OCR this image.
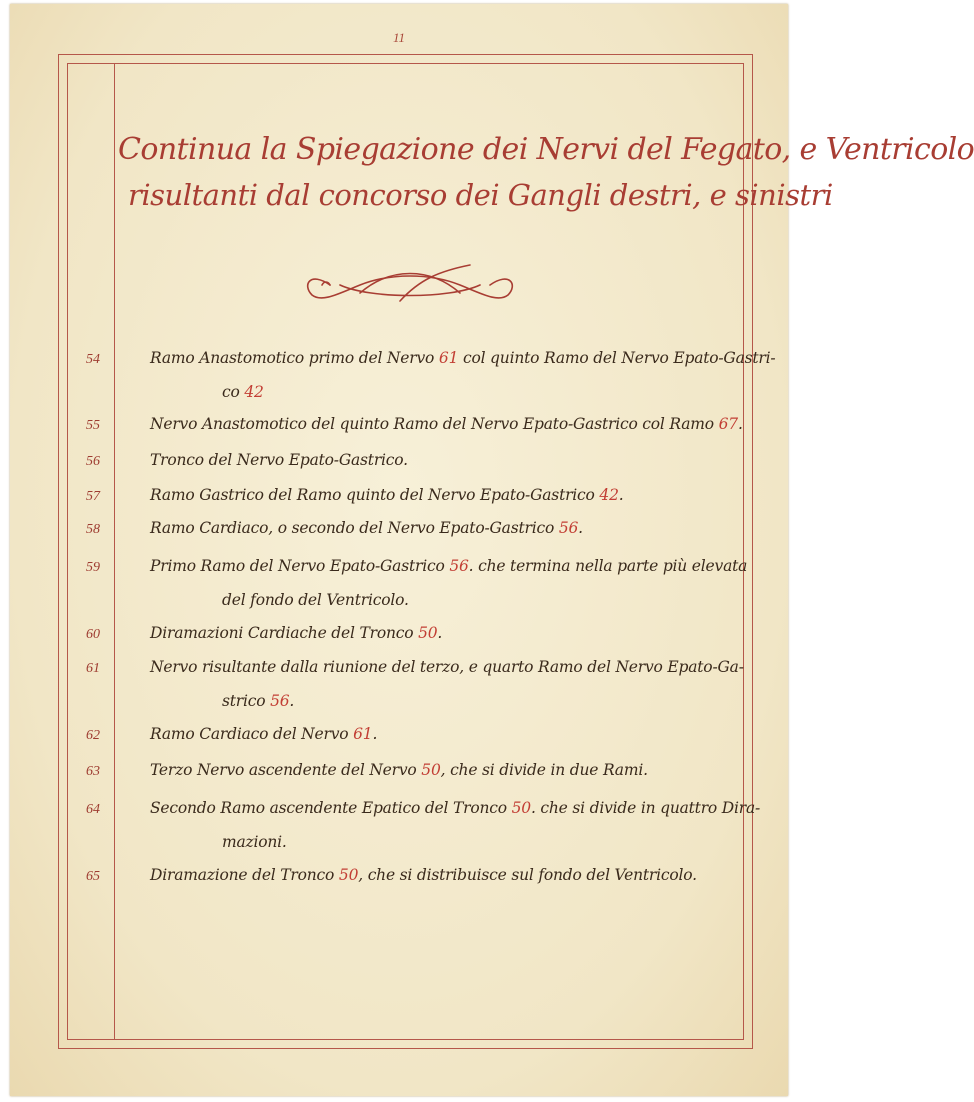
11
Continua la Spiegazione dei Nervi del Fegato, e Ventricolo
risultanti dal concorso dei Gangli destri, e sinistri
54	Ramo Anastomotico primo del Nervo 61 col quinto Ramo del Nervo Epato-Gastri-
co 42
55	Nervo Anastomotico del quinto Ramo del Nervo Epato-Gastrico col Ramo 67.
56	Tronco del Nervo Epato-Gastrico.
57	Ramo Gastrico del Ramo quinto del Nervo Epato-Gastrico 42.
58	Ramo Cardiaco, o secondo del Nervo Epato-Gastrico 56.
59	Primo Ramo del Nervo Epato-Gastrico 56. che termina nella parte più elevata
del fondo del Ventricolo.
60	Diramazioni Cardiache del Tronco 50.
61	Nervo risultante dalla riunione del terzo, e quarto Ramo del Nervo Epato-Ga-
strico 56.
62	Ramo Cardiaco del Nervo 61.
63	Terzo Nervo ascendente del Nervo 50, che si divide in due Rami.
64	Secondo Ramo ascendente Epatico del Tronco 50. che si divide in quattro Dira-
mazioni.
65	Diramazione del Tronco 50, che si distribuisce sul fondo del Ventricolo.
